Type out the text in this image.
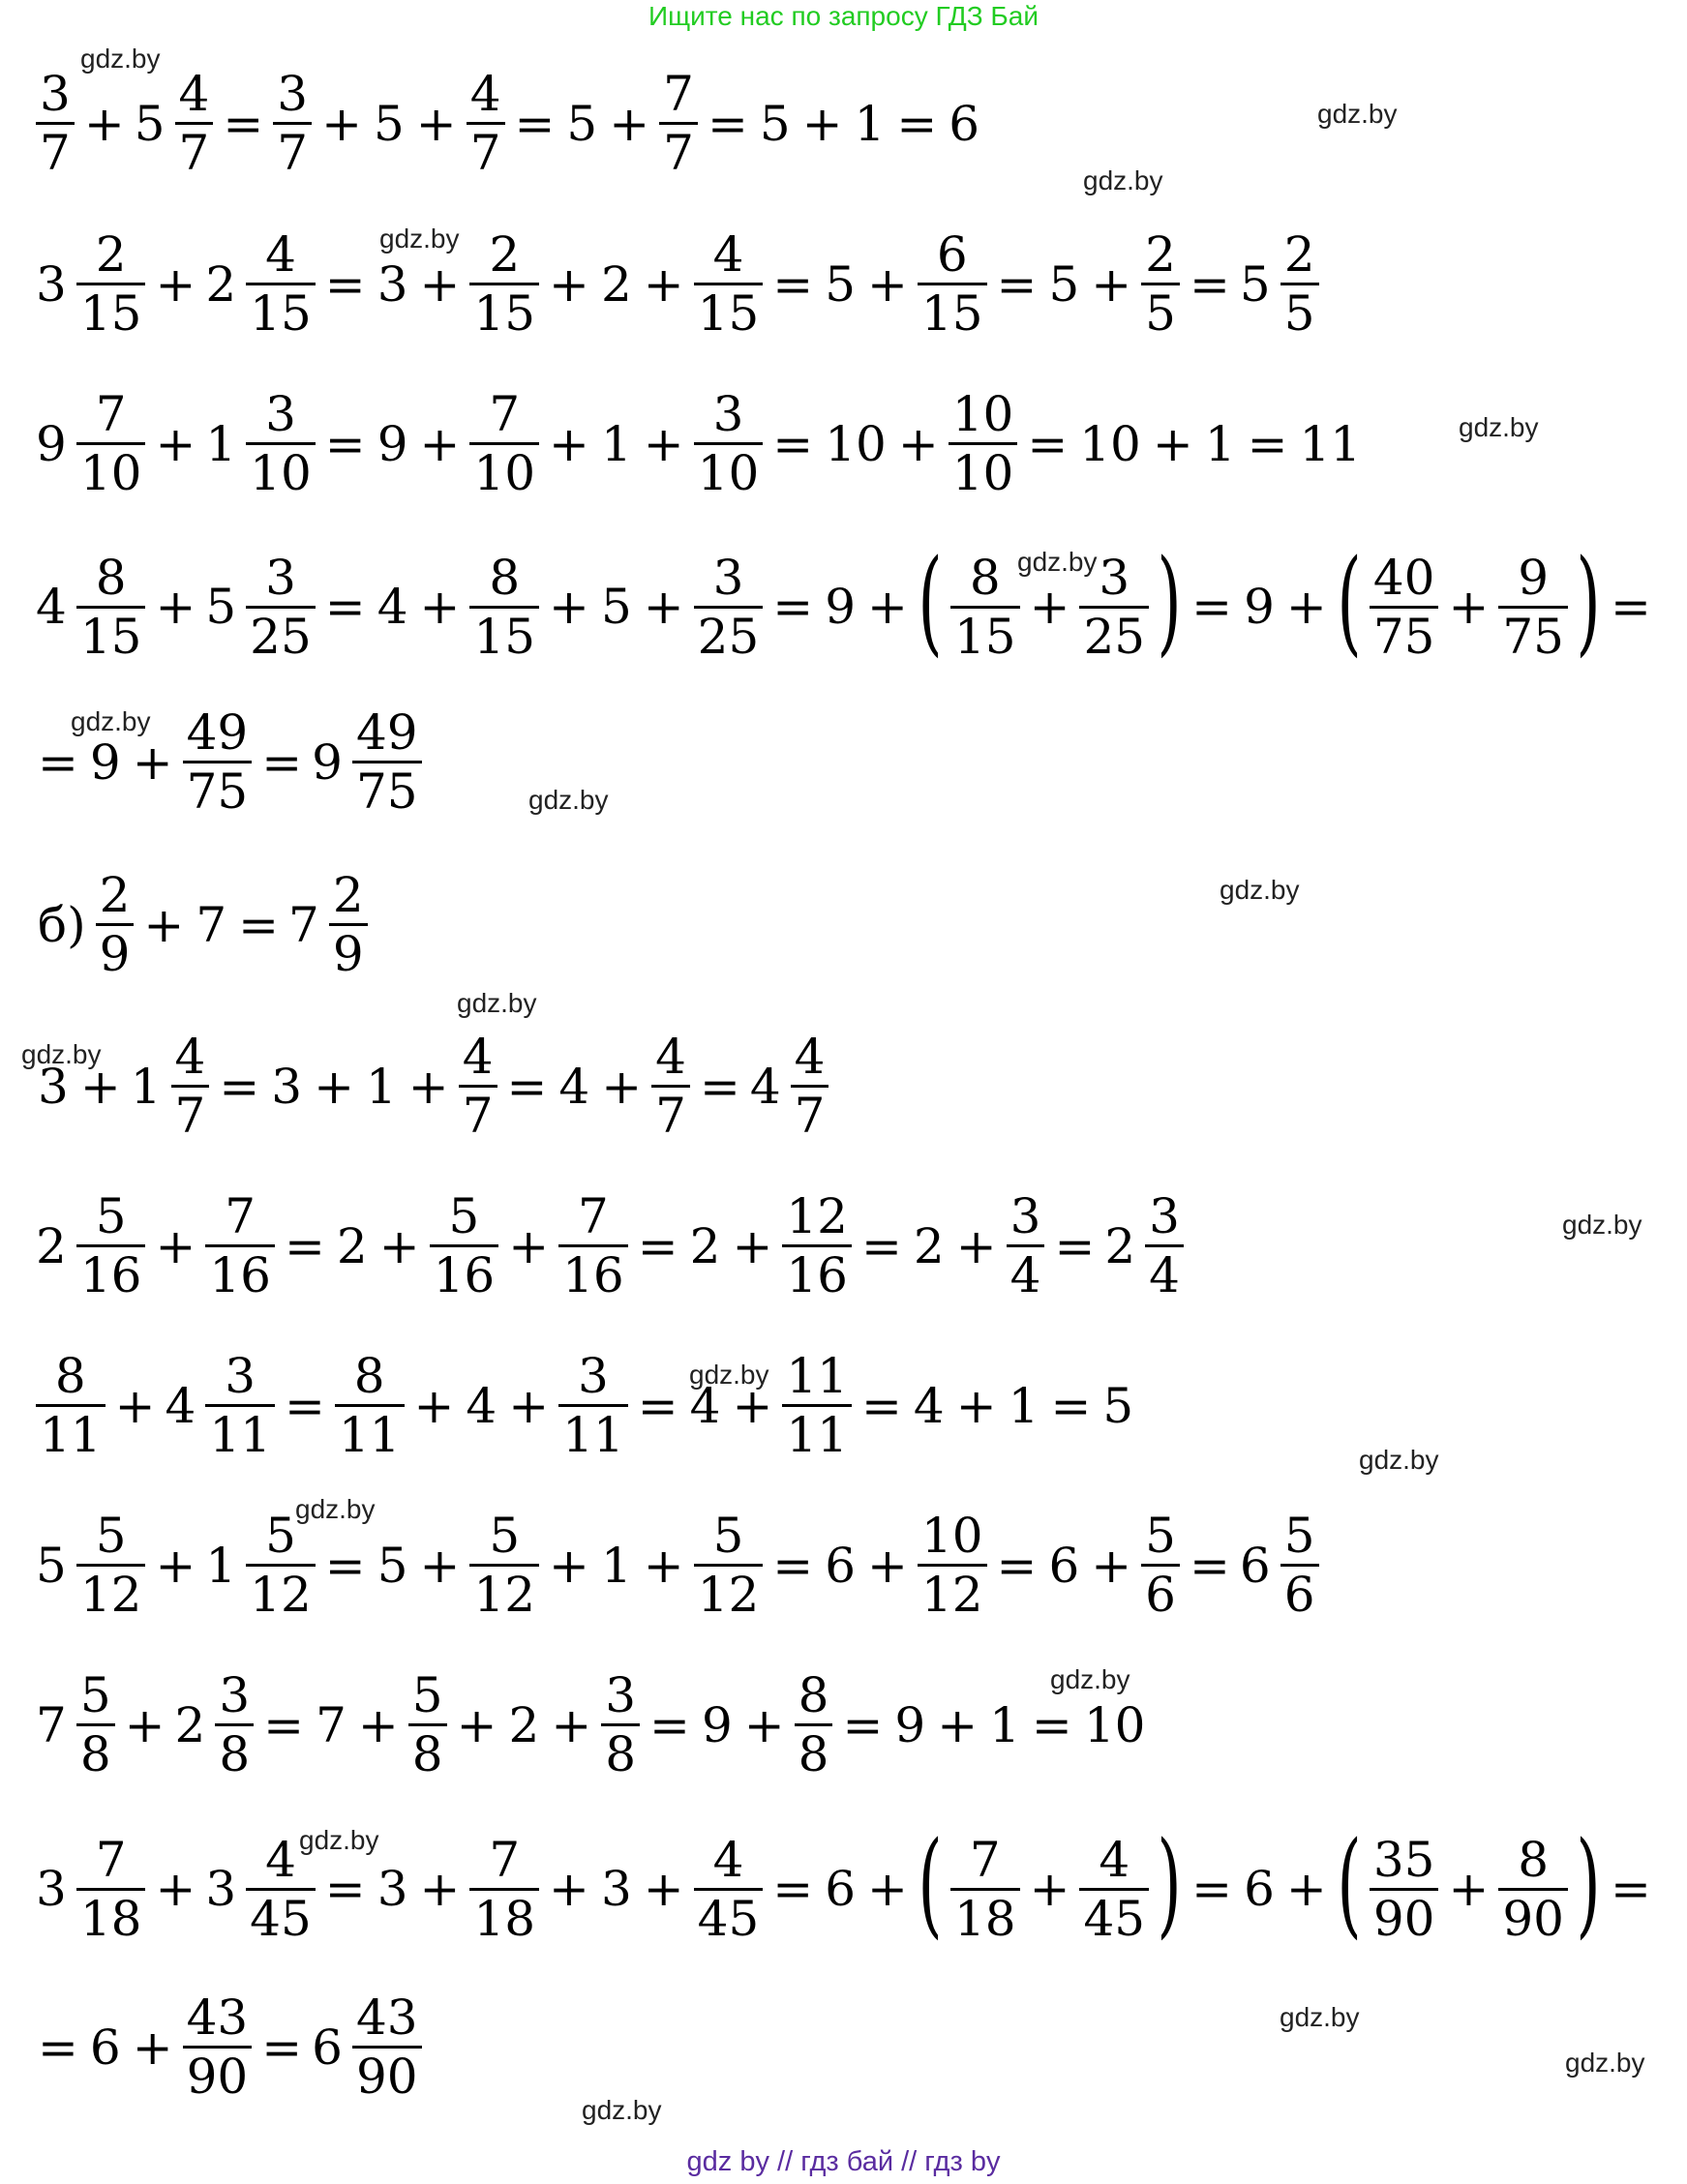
Ищите нас по запросу ГДЗ Бай
$\frac{3}{7} + 5 \frac{4}{7} = \frac{3}{7} + 5 + \frac{4}{7} = 5 + \frac{7}{7} = 5 + 1 = 6$
$3 \frac{2}{15} + 2 \frac{4}{15} = 3 + \frac{2}{15} + 2 + \frac{4}{15} = 5 + \frac{6}{15} = 5 + \frac{2}{5} = 5 \frac{2}{5}$
$9 \frac{7}{10} + 1 \frac{3}{10} = 9 + \frac{7}{10} + 1 + \frac{3}{10} = 10 + \frac{10}{10} = 10 + 1 = 11$
$4 \frac{8}{15} + 5 \frac{3}{25} = 4 + \frac{8}{15} + 5 + \frac{3}{25} = 9$ + ( $\frac{8}{15} + \frac{3}{25}$ ) = 9 + ( $\frac{40}{75} + \frac{9}{75}$ ) =
= $9 + \frac{49}{75} = 9 \frac{49}{75}$
$б) \frac{2}{9} + 7 = 7 \frac{2}{9}$
$3 + 1 \frac{4}{7} = 3 + 1 + \frac{4}{7} = 4 + \frac{4}{7} = 4 \frac{4}{7}$
$2 \frac{5}{16} + \frac{7}{16} = 2 + \frac{5}{16} + \frac{7}{16} = 2 + \frac{12}{16} = 2 + \frac{3}{4} = 2 \frac{3}{4}$
$\frac{8}{11} + 4 \frac{3}{11} = \frac{8}{11} + 4 + \frac{3}{11} = 4 + \frac{11}{11} = 4 + 1 = 5$
$5 \frac{5}{12} + 1 \frac{5}{12} = 5 + \frac{5}{12} + 1 + \frac{5}{12} = 6 + \frac{10}{12} = 6 + \frac{5}{6} = 6 \frac{5}{6}$
$7 \frac{5}{8} + 2 \frac{3}{8} = 7 + \frac{5}{8} + 2 + \frac{3}{8} = 9 + \frac{8}{8} = 9 + 1 = 10$
$3 \frac{7}{18} + 3 \frac{4}{45} = 3 + \frac{7}{18} + 3 + \frac{4}{45} = 6$ + ( $\frac{7}{18} + \frac{4}{45}$ ) = 6 + ( $\frac{35}{90} + \frac{8}{90}$ ) =
= $6 + \frac{43}{90} = 6 \frac{43}{90}$
gdz.by
gdz.by
gdz.by
gdz.by
gdz.by
gdz.by
gdz.by
gdz.by
gdz.by
gdz.by
gdz.by
gdz.by
gdz.by
gdz.by
gdz.by
gdz.by
gdz.by
gdz.by
gdz.by
gdz.by
gdz by // гдз бай // гдз by
